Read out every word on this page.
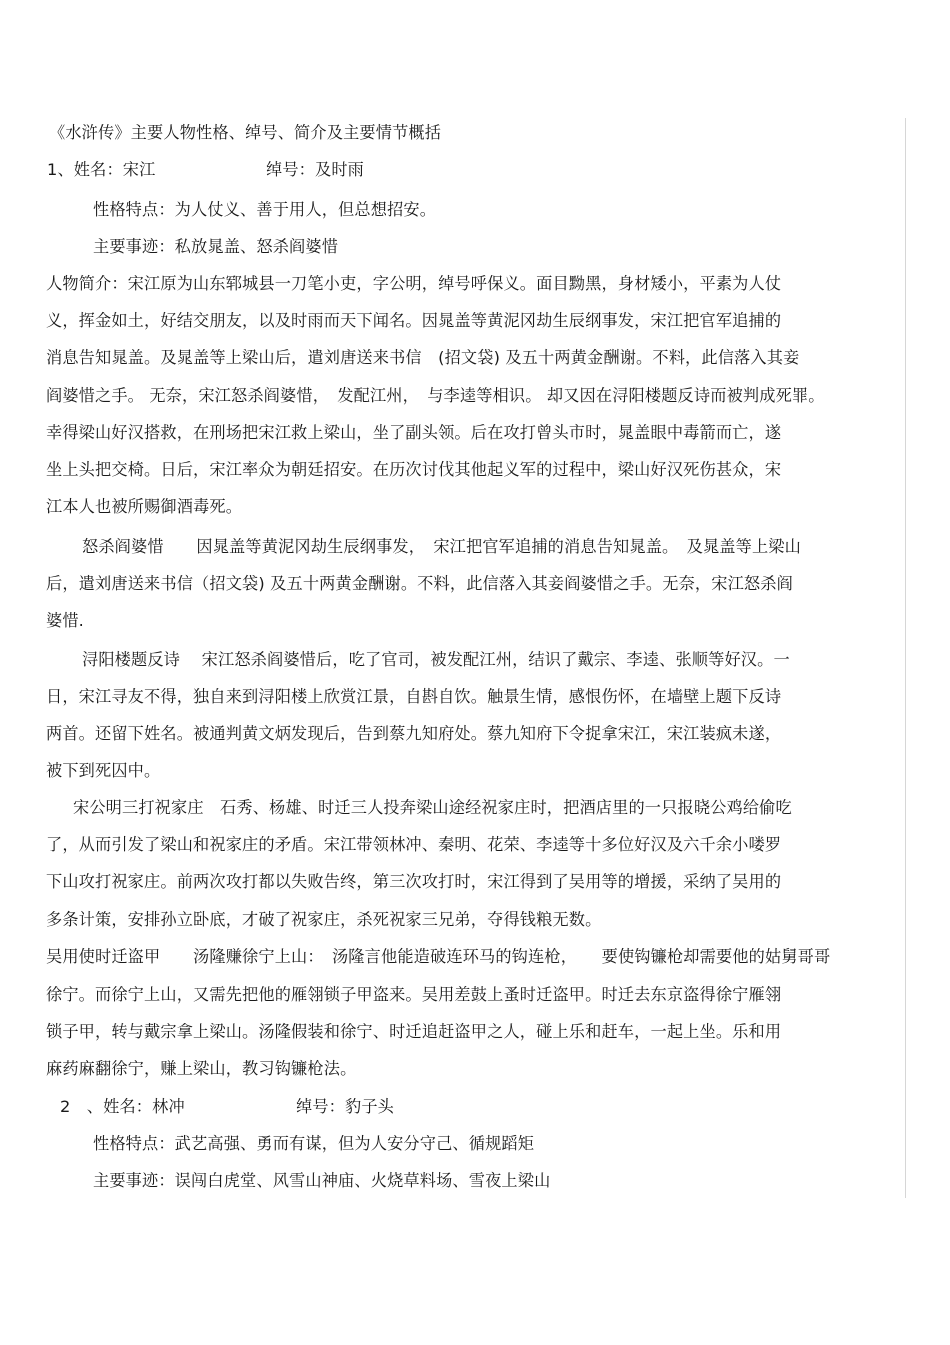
《水浒传》主要人物性格、绰号、简介及主要情节概括
1、姓名：宋江	绰号：及时雨
性格特点：为人仗义、善于用人，但总想招安。
主要事迹：私放晁盖、怒杀阎婆惜
人物简介：宋江原为山东郓城县一刀笔小吏，字公明，绰号呼保义。面目黝黑，身材矮小，平素为人仗
义，挥金如土，好结交朋友，以及时雨而天下闻名。因晁盖等黄泥冈劫生辰纲事发，宋江把官军追捕的
消息告知晁盖。及晁盖等上梁山后，遣刘唐送来书信　(招文袋) 及五十两黄金酬谢。不料，此信落入其妾
阎婆惜之手。 无奈，宋江怒杀阎婆惜，　发配江州，　与李逵等相识。 却又因在浔阳楼题反诗而被判成死罪。
幸得梁山好汉搭救，在刑场把宋江救上梁山，坐了副头领。后在攻打曾头市时，晁盖眼中毒箭而亡，遂
坐上头把交椅。日后，宋江率众为朝廷招安。在历次讨伐其他起义军的过程中，梁山好汉死伤甚众，宋
江本人也被所赐御酒毒死。
怒杀阎婆惜　　因晁盖等黄泥冈劫生辰纲事发，　宋江把官军追捕的消息告知晁盖。　及晁盖等上梁山
后，遣刘唐送来书信（招文袋) 及五十两黄金酬谢。不料，此信落入其妾阎婆惜之手。无奈，宋江怒杀阎
婆惜.
浔阳楼题反诗　 宋江怒杀阎婆惜后，吃了官司，被发配江州，结识了戴宗、李逵、张顺等好汉。一
日，宋江寻友不得，独自来到浔阳楼上欣赏江景，自斟自饮。触景生情，感恨伤怀，在墙壁上题下反诗
两首。还留下姓名。被通判黄文炳发现后，告到蔡九知府处。蔡九知府下令捉拿宋江，宋江装疯未遂，
被下到死囚中。
宋公明三打祝家庄　石秀、杨雄、时迁三人投奔梁山途经祝家庄时，把酒店里的一只报晓公鸡给偷吃
了，从而引发了梁山和祝家庄的矛盾。宋江带领林冲、秦明、花荣、李逵等十多位好汉及六千余小喽罗
下山攻打祝家庄。前两次攻打都以失败告终，第三次攻打时，宋江得到了吴用等的增援，采纳了吴用的
多条计策，安排孙立卧底，才破了祝家庄，杀死祝家三兄弟，夺得钱粮无数。
吴用使时迁盗甲　　汤隆赚徐宁上山：　汤隆言他能造破连环马的钩连枪，　　要使钩镰枪却需要他的姑舅哥哥
徐宁。而徐宁上山，又需先把他的雁翎锁子甲盗来。吴用差鼓上蚤时迁盗甲。时迁去东京盗得徐宁雁翎
锁子甲，转与戴宗拿上梁山。汤隆假装和徐宁、时迁追赶盗甲之人，碰上乐和赶车，一起上坐。乐和用
麻药麻翻徐宁，赚上梁山，教习钩镰枪法。
2　、姓名：林冲	绰号：豹子头
性格特点：武艺高强、勇而有谋，但为人安分守己、循规蹈矩
主要事迹：误闯白虎堂、风雪山神庙、火烧草料场、雪夜上梁山
